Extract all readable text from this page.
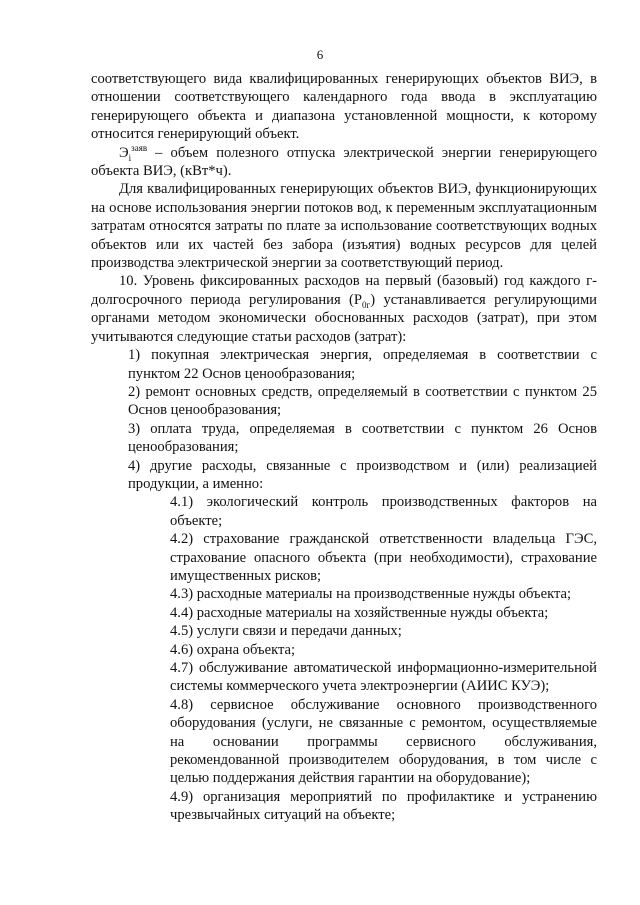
6

соответствующего вида квалифицированных генерирующих объектов ВИЭ, в отношении соответствующего календарного года ввода в эксплуатацию генерирующего объекта и диапазона установленной мощности, к которому относится генерирующий объект.

$Э_i^{заяв}$ – объем полезного отпуска электрической энергии генерирующего объекта ВИЭ, (кВт*ч).

Для квалифицированных генерирующих объектов ВИЭ, функционирующих на основе использования энергии потоков вод, к переменным эксплуатационным затратам относятся затраты по плате за использование соответствующих водных объектов или их частей без забора (изъятия) водных ресурсов для целей производства электрической энергии за соответствующий период.

10. Уровень фиксированных расходов на первый (базовый) год каждого г-долгосрочного периода регулирования $(Р_{0г})$ устанавливается регулирующими органами методом экономически обоснованных расходов (затрат), при этом учитываются следующие статьи расходов (затрат):

1) покупная электрическая энергия, определяемая в соответствии с пунктом 22 Основ ценообразования;

2) ремонт основных средств, определяемый в соответствии с пунктом 25 Основ ценообразования;

3) оплата труда, определяемая в соответствии с пунктом 26 Основ ценообразования;

4) другие расходы, связанные с производством и (или) реализацией продукции, а именно:

4.1) экологический контроль производственных факторов на объекте;

4.2) страхование гражданской ответственности владельца ГЭС, страхование опасного объекта (при необходимости), страхование имущественных рисков;

4.3) расходные материалы на производственные нужды объекта;

4.4) расходные материалы на хозяйственные нужды объекта;

4.5) услуги связи и передачи данных;

4.6) охрана объекта;

4.7) обслуживание автоматической информационно-измерительной системы коммерческого учета электроэнергии (АИИС КУЭ);

4.8) сервисное обслуживание основного производственного оборудования (услуги, не связанные с ремонтом, осуществляемые на основании программы сервисного обслуживания, рекомендованной производителем оборудования, в том числе с целью поддержания действия гарантии на оборудование);

4.9) организация мероприятий по профилактике и устранению чрезвычайных ситуаций на объекте;
